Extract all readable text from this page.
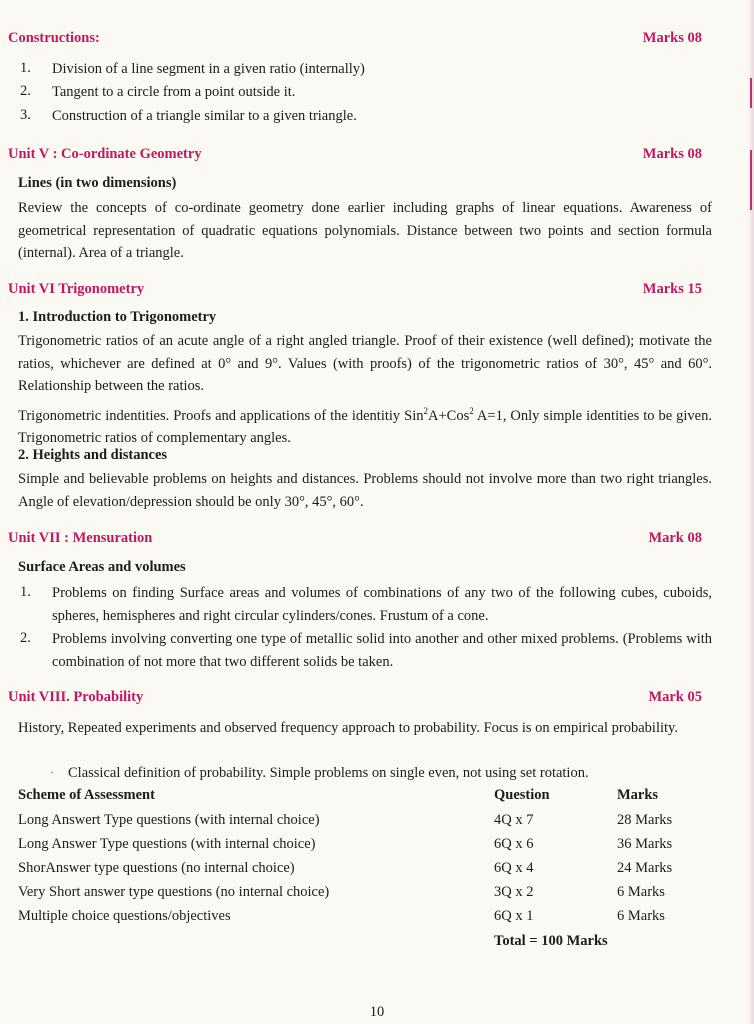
Constructions:	Marks 08
1. Division of a line segment in a given ratio (internally)
2. Tangent to a circle from a point outside it.
3. Construction of a triangle similar to a given triangle.
Unit V : Co-ordinate Geometry	Marks 08
Lines (in two dimensions)
Review the concepts of co-ordinate geometry done earlier including graphs of linear equations. Awareness of geometrical representation of quadratic equations polynomials. Distance between two points and section formula (internal). Area of a triangle.
Unit VI Trigonometry	Marks 15
1. Introduction to Trigonometry
Trigonometric ratios of an acute angle of a right angled triangle. Proof of their existence (well defined); motivate the ratios, whichever are defined at 0° and 9°. Values (with proofs) of the trigonometric ratios of 30°, 45° and 60°. Relationship between the ratios.
Trigonometric indentities. Proofs and applications of the identitiy Sin$^2$A+Cos$^2$ A=1, Only simple identities to be given. Trigonometric ratios of complementary angles.
2. Heights and distances
Simple and believable problems on heights and distances. Problems should not involve more than two right triangles. Angle of elevation/depression should be only 30°, 45°, 60°.
Unit VII : Mensuration	Mark 08
Surface Areas and volumes
1. Problems on finding Surface areas and volumes of combinations of any two of the following cubes, cuboids, spheres, hemispheres and right circular cylinders/cones. Frustum of a cone.
2. Problems involving converting one type of metallic solid into another and other mixed problems. (Problems with combination of not more that two different solids be taken.
Unit VIII. Probability	Mark 05
History, Repeated experiments and observed frequency approach to probability. Focus is on empirical probability.
· Classical definition of probability. Simple problems on single even, not using set rotation.
Scheme of Assessment	Question	Marks
Long Answert Type questions (with internal choice)	4Q x 7	28 Marks
Long Answer Type questions (with internal choice)	6Q x 6	36 Marks
ShorAnswer type questions (no internal choice)	6Q x 4	24 Marks
Very Short answer type questions (no internal choice)	3Q x 2	6 Marks
Multiple choice questions/objectives	6Q x 1	6 Marks
Total = 100 Marks
10
